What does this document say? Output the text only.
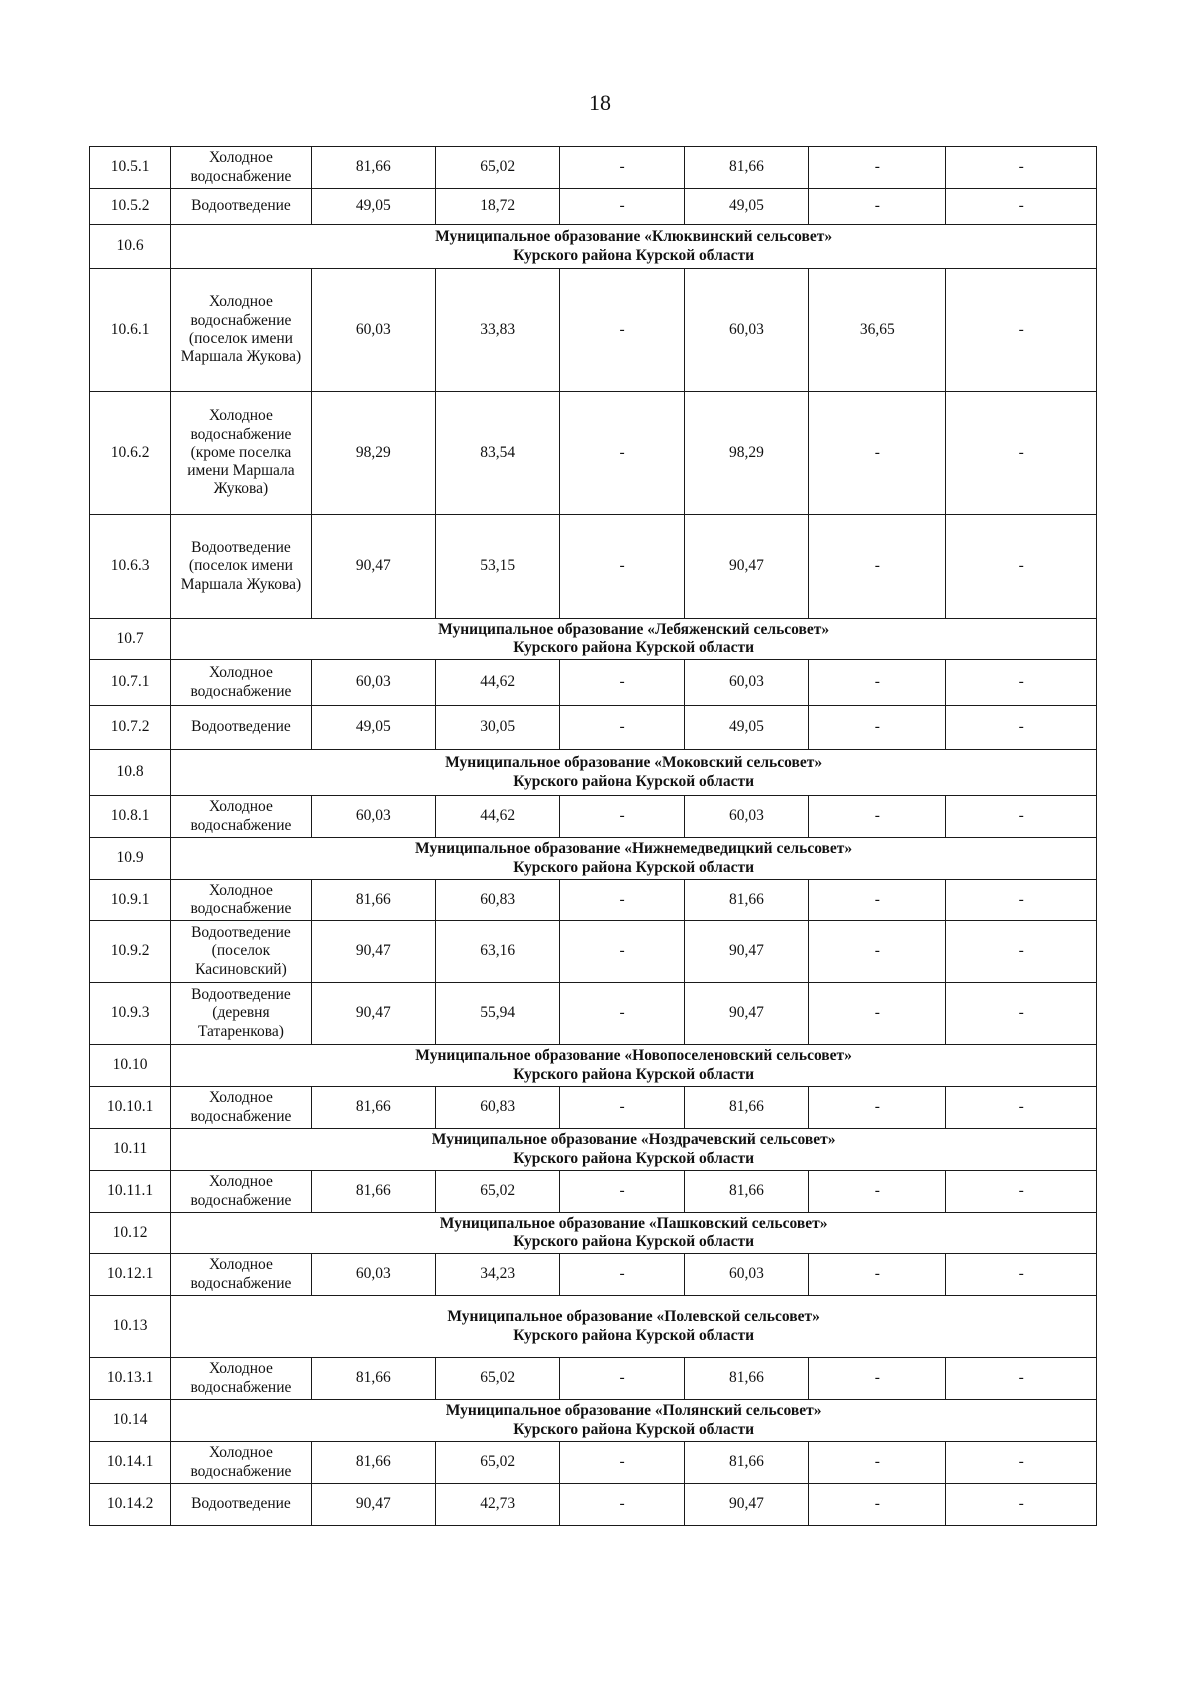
18
10.5.1	Холодное водоснабжение	81,66	65,02	-	81,66	-	-
10.5.2	Водоотведение	49,05	18,72	-	49,05	-	-
10.6	Муниципальное образование «Клюквинский сельсовет»
Курского района Курской области						

10.6.1	Холодное водоснабжение (поселок имени Маршала Жукова)	60,03	33,83	-	60,03	36,65	-
10.6.2	Холодное водоснабжение (кроме поселка имени Маршала Жукова)	98,29	83,54	-	98,29	-	-
10.6.3	Водоотведение (поселок имени Маршала Жукова)	90,47	53,15	-	90,47	-	-
10.7	Муниципальное образование «Лебяженский сельсовет»
Курского района Курской области						

10.7.1	Холодное водоснабжение	60,03	44,62	-	60,03	-	-
10.7.2	Водоотведение	49,05	30,05	-	49,05	-	-
10.8	Муниципальное образование «Моковский сельсовет»
Курского района Курской области						

10.8.1	Холодное водоснабжение	60,03	44,62	-	60,03	-	-
10.9	Муниципальное образование «Нижнемедведицкий сельсовет»
Курского района Курской области						

10.9.1	Холодное водоснабжение	81,66	60,83	-	81,66	-	-
10.9.2	Водоотведение (поселок Касиновский)	90,47	63,16	-	90,47	-	-
10.9.3	Водоотведение (деревня Татаренкова)	90,47	55,94	-	90,47	-	-
10.10	Муниципальное образование «Новопоселеновский сельсовет»
Курского района Курской области						

10.10.1	Холодное водоснабжение	81,66	60,83	-	81,66	-	-
10.11	Муниципальное образование «Ноздрачевский сельсовет»
Курского района Курской области						

10.11.1	Холодное водоснабжение	81,66	65,02	-	81,66	-	-
10.12	Муниципальное образование «Пашковский сельсовет»
Курского района Курской области						

10.12.1	Холодное водоснабжение	60,03	34,23	-	60,03	-	-
10.13	Муниципальное образование «Полевской сельсовет»
Курского района Курской области						

10.13.1	Холодное водоснабжение	81,66	65,02	-	81,66	-	-
10.14	Муниципальное образование «Полянский сельсовет»
Курского района Курской области						

10.14.1	Холодное водоснабжение	81,66	65,02	-	81,66	-	-
10.14.2	Водоотведение	90,47	42,73	-	90,47	-	-
